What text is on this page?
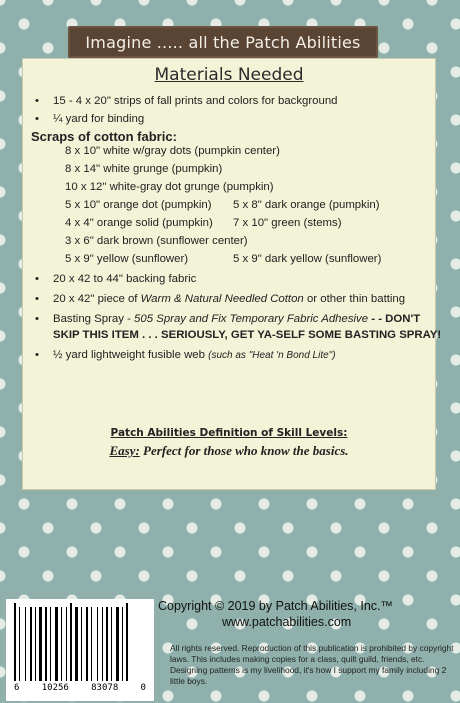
Imagine ..... all the Patch Abilities
Materials Needed
• 15 - 4 x 20" strips of fall prints and colors for background
• ¼ yard for binding
Scraps of cotton fabric:
8 x 10" white w/gray dots (pumpkin center)
8 x 14" white grunge (pumpkin)
10 x 12" white-gray dot grunge (pumpkin)
5 x 10" orange dot (pumpkin) 5 x 8" dark orange (pumpkin)
4 x 4" orange solid (pumpkin) 7 x 10" green (stems)
3 x 6" dark brown (sunflower center)
5 x 9" yellow (sunflower)	5 x 9" dark yellow (sunflower)
• 20 x 42 to 44" backing fabric
• 20 x 42" piece of Warm & Natural Needled Cotton or other thin batting
• Basting Spray - 505 Spray and Fix Temporary Fabric Adhesive - - DON'T
SKIP THIS ITEM . . . SERIOUSLY, GET YA-SELF SOME BASTING SPRAY!
• ½ yard lightweight fusible web (such as "Heat 'n Bond Lite")
Patch Abilities Definition of Skill Levels:
Easy: Perfect for those who know the basics.
6 10256 83078 0
Copyright © 2019 by Patch Abilities, Inc.™
www.patchabilities.com
All rights reserved. Reproduction of this publication is prohibited by copyright laws. This includes making copies for a class, quilt guild, friends, etc. Designing patterns is my livelihood, it's how I support my family including 2 little boys.
